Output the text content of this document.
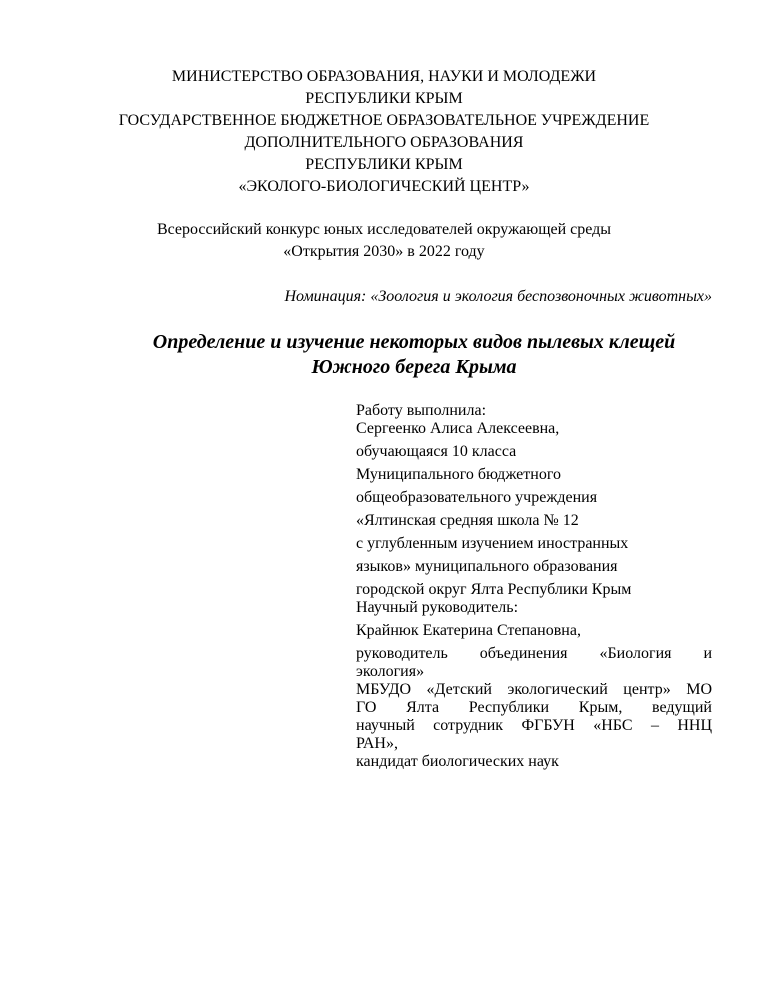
МИНИСТЕРСТВО ОБРАЗОВАНИЯ, НАУКИ И МОЛОДЕЖИ
РЕСПУБЛИКИ КРЫМ
ГОСУДАРСТВЕННОЕ БЮДЖЕТНОЕ ОБРАЗОВАТЕЛЬНОЕ УЧРЕЖДЕНИЕ
ДОПОЛНИТЕЛЬНОГО ОБРАЗОВАНИЯ
РЕСПУБЛИКИ КРЫМ
«ЭКОЛОГО-БИОЛОГИЧЕСКИЙ ЦЕНТР»
Всероссийский конкурс юных исследователей окружающей среды
«Открытия 2030» в 2022 году
Номинация: «Зоология и экология беспозвоночных животных»
Определение и изучение некоторых видов пылевых клещей
Южного берега Крыма
Работу выполнила:
Сергеенко Алиса Алексеевна,
обучающаяся 10 класса
Муниципального бюджетного
общеобразовательного учреждения
«Ялтинская средняя школа № 12
с углубленным изучением иностранных
языков» муниципального образования
городской округ Ялта Республики Крым
Научный руководитель:
Крайнюк Екатерина Степановна,
руководитель объединения «Биология и
экология»
МБУДО «Детский экологический центр» МО
ГО Ялта Республики Крым, ведущий
научный сотрудник ФГБУН «НБС – ННЦ
РАН»,
кандидат биологических наук
